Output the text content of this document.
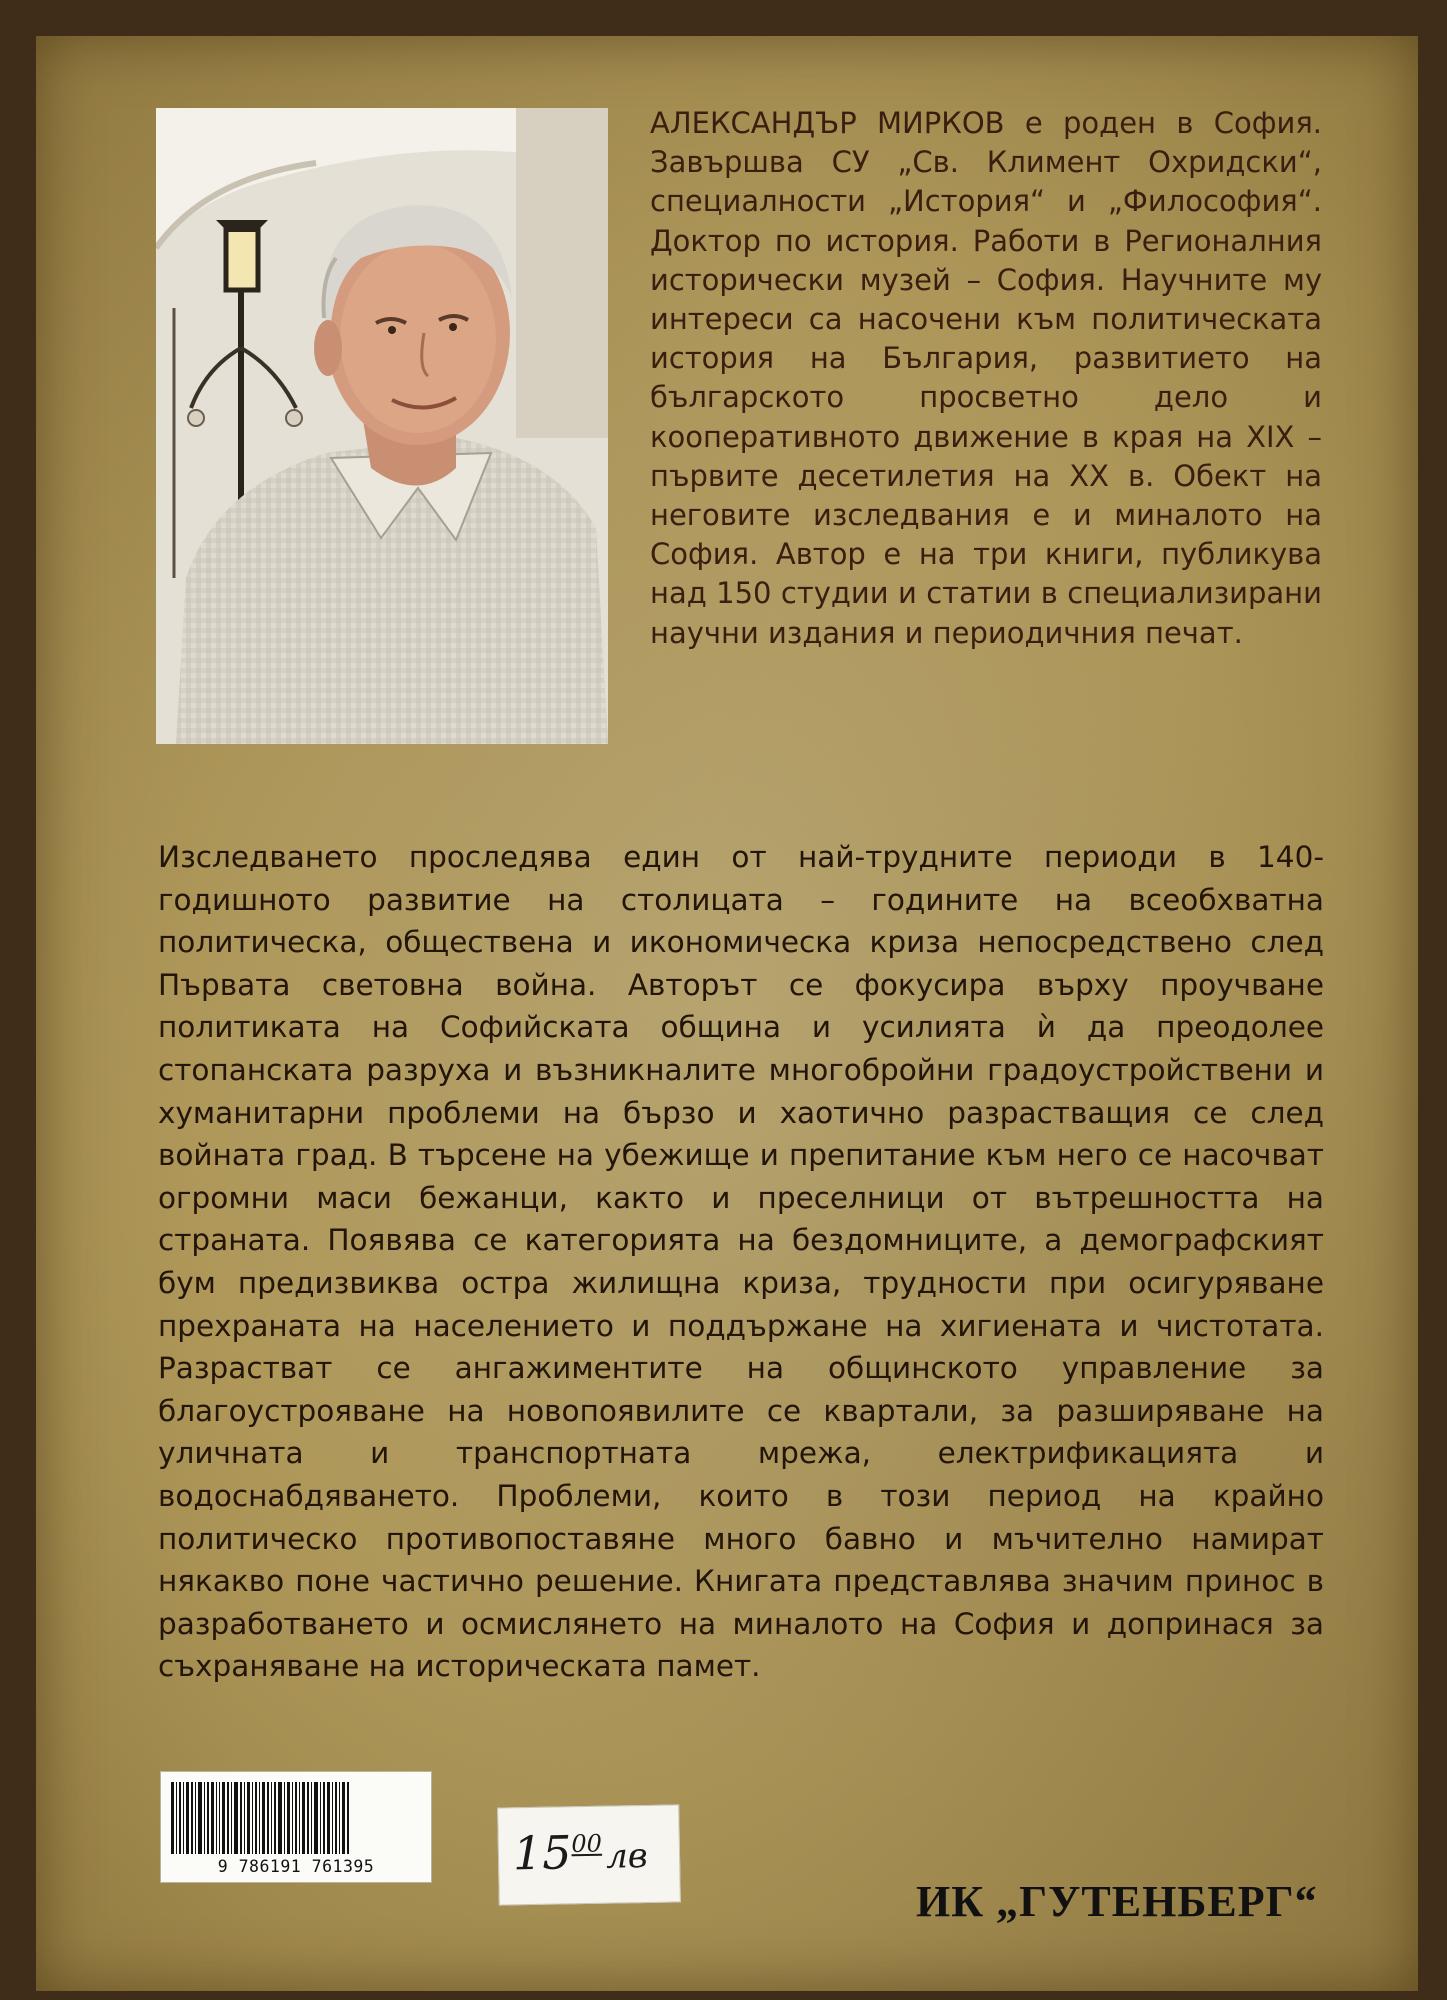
АЛЕКСАНДЪР МИРКОВ е роден в София. Завършва СУ „Св. Климент Охридски“, специалности „История“ и „Философия“. Доктор по история. Работи в Регионалния исторически музей – София. Научните му интереси са насочени към политическата история на България, развитието на българското просветно дело и кооперативното движение в края на XIX – първите десетилетия на XX в. Обект на неговите изследвания е и миналото на София. Автор е на три книги, публикува над 150 студии и статии в специализирани научни издания и периодичния печат.

Изследването проследява един от най-трудните периоди в 140-годишното развитие на столицата – годините на всеобхватна политическа, обществена и икономическа криза непосредствено след Първата световна война. Авторът се фокусира върху проучване политиката на Софийската община и усилията ѝ да преодолее стопанската разруха и възникналите многобройни градоустройствени и хуманитарни проблеми на бързо и хаотично разрастващия се след войната град. В търсене на убежище и препитание към него се насочват огромни маси бежанци, както и преселници от вътрешността на страната. Появява се категорията на бездомниците, а демографският бум предизвиква остра жилищна криза, трудности при осигуряване прехраната на населението и поддържане на хигиената и чистотата. Разрастват се ангажиментите на общинското управление за благоустрояване на новопоявилите се квартали, за разширяване на уличната и транспортната мрежа, електрификацията и водоснабдяването. Проблеми, които в този период на крайно политическо противопоставяне много бавно и мъчително намират някакво поне частично решение. Книгата представлява значим принос в разработването и осмислянето на миналото на София и допринася за съхраняване на историческата памет.

9 786191 761395	$15^{00}$ лв
ИК „ГУТЕНБЕРГ“
